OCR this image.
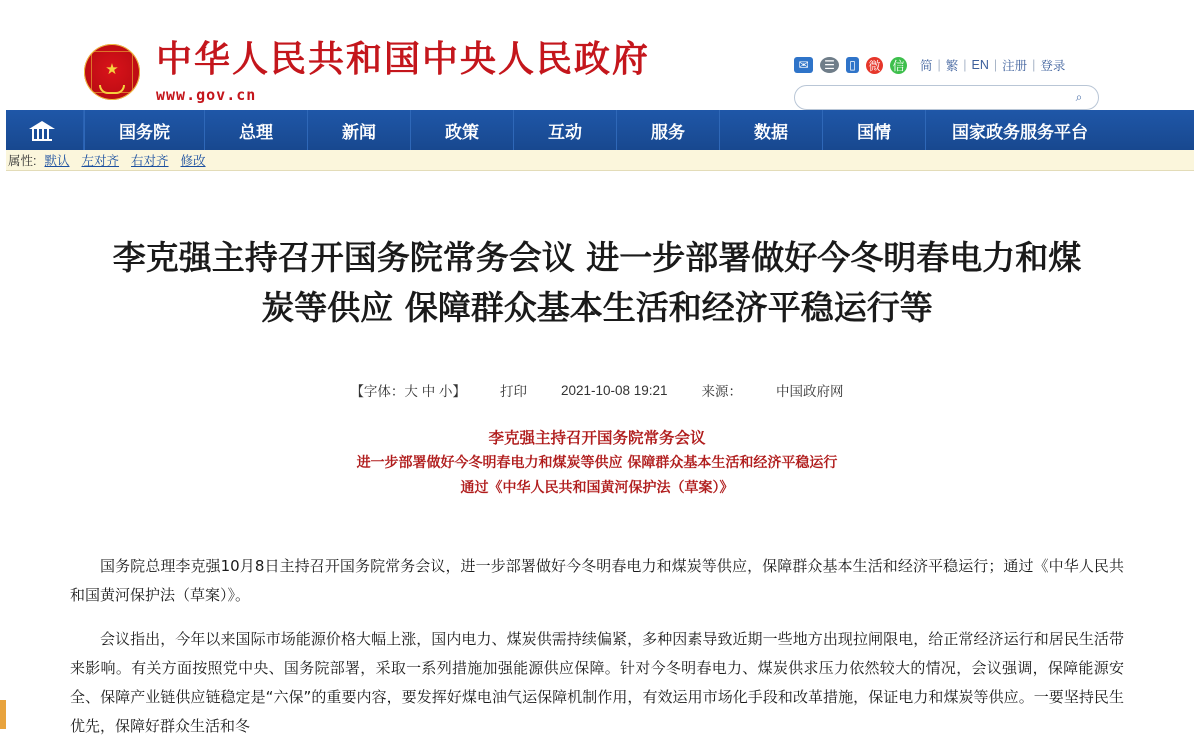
★ 中华人民共和国中央人民政府
www.gov.cn
✉	☰	▯ 微 信 简 | 繁 | EN | 注册 | 登录
⌕
国务院	总理	新闻	政策	互动	服务	数据	国情	国家政务服务平台
属性: 默认 左对齐 右对齐 修改
李克强主持召开国务院常务会议 进一步部署做好今冬明春电力和煤炭等供应 保障群众基本生活和经济平稳运行等
【字体：大 中 小】	打印	2021-10-08 19:21	来源：	中国政府网
李克强主持召开国务院常务会议
进一步部署做好今冬明春电力和煤炭等供应 保障群众基本生活和经济平稳运行
通过《中华人民共和国黄河保护法（草案）》

国务院总理李克强10月8日主持召开国务院常务会议，进一步部署做好今冬明春电力和煤炭等供应，保障群众基本生活和经济平稳运行；通过《中华人民共和国黄河保护法（草案）》。

会议指出，今年以来国际市场能源价格大幅上涨，国内电力、煤炭供需持续偏紧，多种因素导致近期一些地方出现拉闸限电，给正常经济运行和居民生活带来影响。有关方面按照党中央、国务院部署，采取一系列措施加强能源供应保障。针对今冬明春电力、煤炭供求压力依然较大的情况，会议强调，保障能源安全、保障产业链供应链稳定是“六保”的重要内容，要发挥好煤电油气运保障机制作用，有效运用市场化手段和改革措施，保证电力和煤炭等供应。一要坚持民生优先，保障好群众生活和冬
